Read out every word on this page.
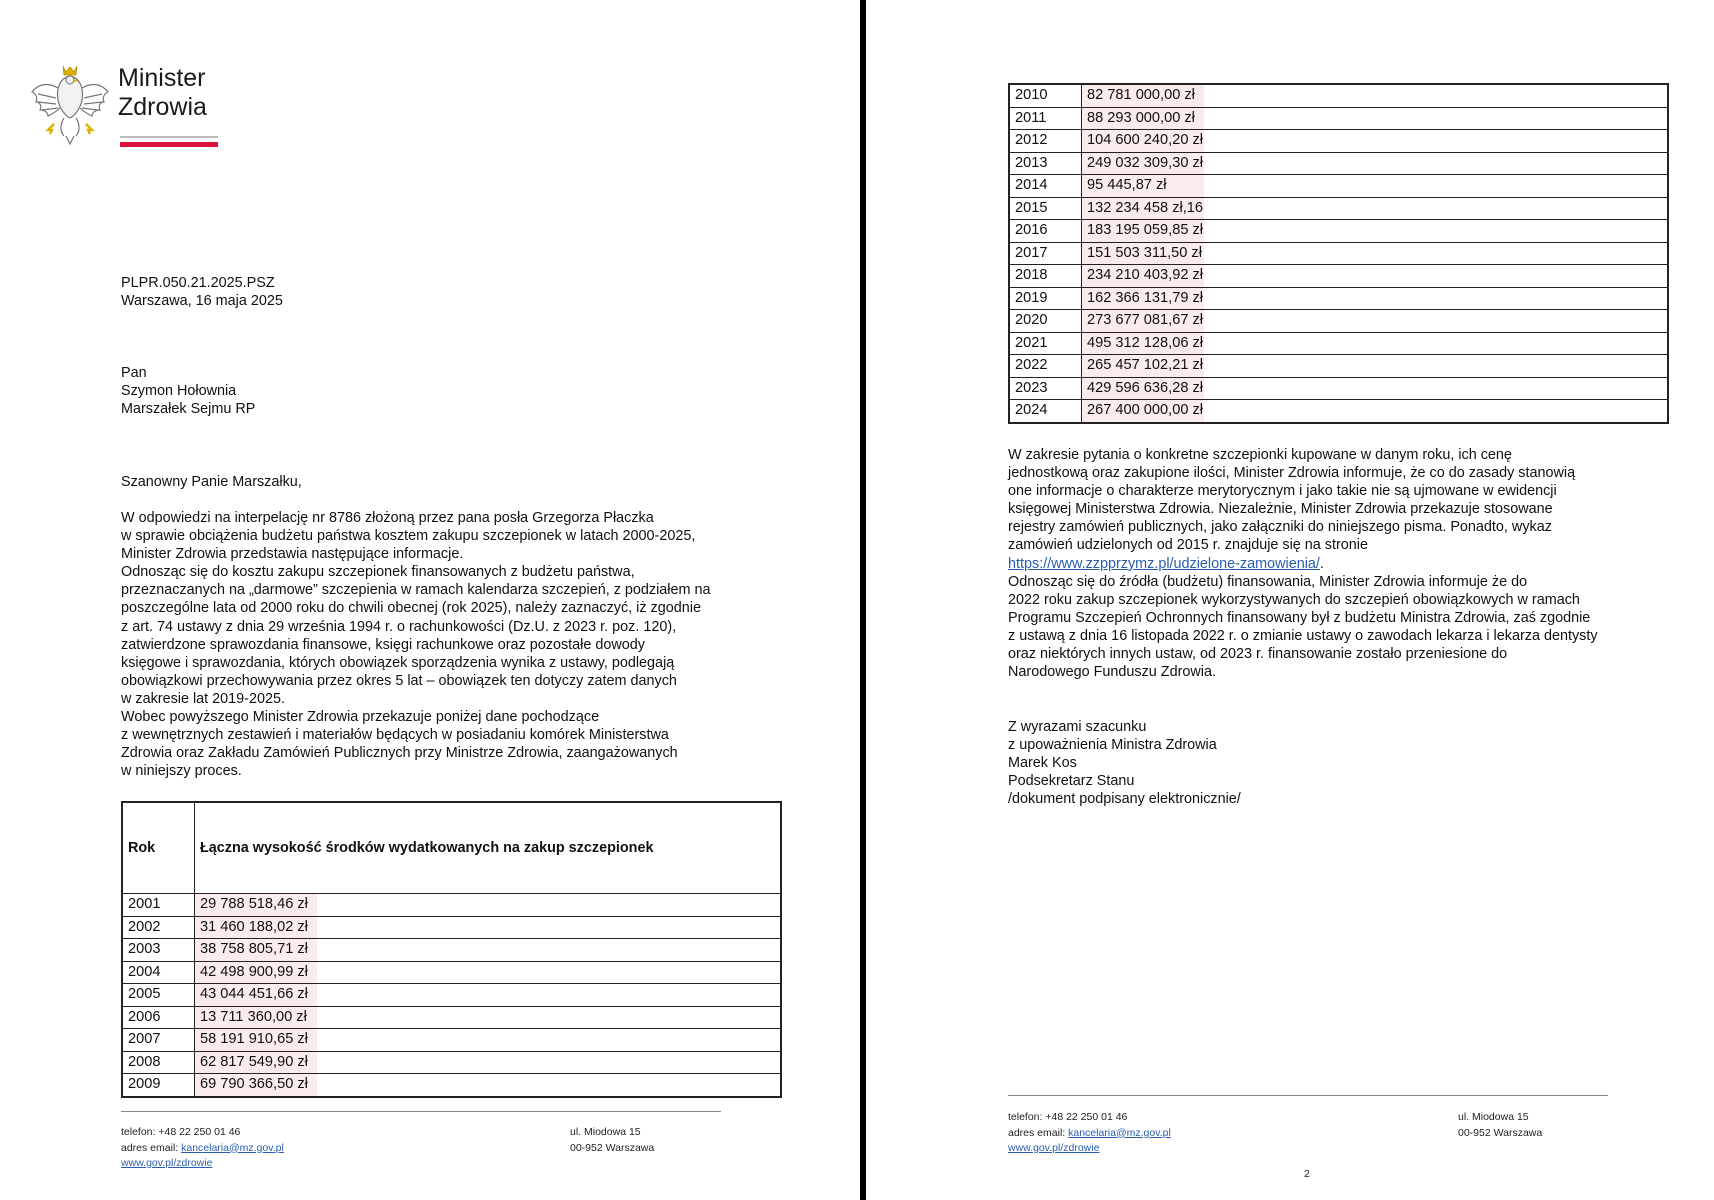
Minister
Zdrowia
PLPR.050.21.2025.PSZ
Warszawa, 16 maja 2025
Pan
Szymon Hołownia
Marszałek Sejmu RP
Szanowny Panie Marszałku,
W odpowiedzi na interpelację nr 8786 złożoną przez pana posła Grzegorza Płaczka
w sprawie obciążenia budżetu państwa kosztem zakupu szczepionek w latach 2000-2025,
Minister Zdrowia przedstawia następujące informacje.
Odnosząc się do kosztu zakupu szczepionek finansowanych z budżetu państwa,
przeznaczanych na „darmowe” szczepienia w ramach kalendarza szczepień, z podziałem na
poszczególne lata od 2000 roku do chwili obecnej (rok 2025), należy zaznaczyć, iż zgodnie
z art. 74 ustawy z dnia 29 września 1994 r. o rachunkowości (Dz.U. z 2023 r. poz. 120),
zatwierdzone sprawozdania finansowe, księgi rachunkowe oraz pozostałe dowody
księgowe i sprawozdania, których obowiązek sporządzenia wynika z ustawy, podlegają
obowiązkowi przechowywania przez okres 5 lat – obowiązek ten dotyczy zatem danych
w zakresie lat 2019-2025.
Wobec powyższego Minister Zdrowia przekazuje poniżej dane pochodzące
z wewnętrznych zestawień i materiałów będących w posiadaniu komórek Ministerstwa
Zdrowia oraz Zakładu Zamówień Publicznych przy Ministrze Zdrowia, zaangażowanych
w niniejszy proces.
Rok	Łączna wysokość środków wydatkowanych na zakup szczepionek
2001	29 788 518,46 zł
2002	31 460 188,02 zł
2003	38 758 805,71 zł
2004	42 498 900,99 zł
2005	43 044 451,66 zł
2006	13 711 360,00 zł
2007	58 191 910,65 zł
2008	62 817 549,90 zł
2009	69 790 366,50 zł
telefon: +48 22 250 01 46
adres email: kancelaria@mz.gov.pl
www.gov.pl/zdrowie
ul. Miodowa 15
00-952 Warszawa
2010	82 781 000,00 zł
2011	88 293 000,00 zł
2012	104 600 240,20 zł
2013	249 032 309,30 zł
2014	95 445,87 zł
2015	132 234 458 zł,16
2016	183 195 059,85 zł
2017	151 503 311,50 zł
2018	234 210 403,92 zł
2019	162 366 131,79 zł
2020	273 677 081,67 zł
2021	495 312 128,06 zł
2022	265 457 102,21 zł
2023	429 596 636,28 zł
2024	267 400 000,00 zł
W zakresie pytania o konkretne szczepionki kupowane w danym roku, ich cenę
jednostkową oraz zakupione ilości, Minister Zdrowia informuje, że co do zasady stanowią
one informacje o charakterze merytorycznym i jako takie nie są ujmowane w ewidencji
księgowej Ministerstwa Zdrowia. Niezależnie, Minister Zdrowia przekazuje stosowane
rejestry zamówień publicznych, jako załączniki do niniejszego pisma. Ponadto, wykaz
zamówień udzielonych od 2015 r. znajduje się na stronie
https://www.zzpprzymz.pl/udzielone-zamowienia/.
Odnosząc się do źródła (budżetu) finansowania, Minister Zdrowia informuje że do
2022 roku zakup szczepionek wykorzystywanych do szczepień obowiązkowych w ramach
Programu Szczepień Ochronnych finansowany był z budżetu Ministra Zdrowia, zaś zgodnie
z ustawą z dnia 16 listopada 2022 r. o zmianie ustawy o zawodach lekarza i lekarza dentysty
oraz niektórych innych ustaw, od 2023 r. finansowanie zostało przeniesione do
Narodowego Funduszu Zdrowia.
Z wyrazami szacunku
z upoważnienia Ministra Zdrowia
Marek Kos
Podsekretarz Stanu
/dokument podpisany elektronicznie/
telefon: +48 22 250 01 46
adres email: kancelaria@mz.gov.pl
www.gov.pl/zdrowie
ul. Miodowa 15
00-952 Warszawa
2
